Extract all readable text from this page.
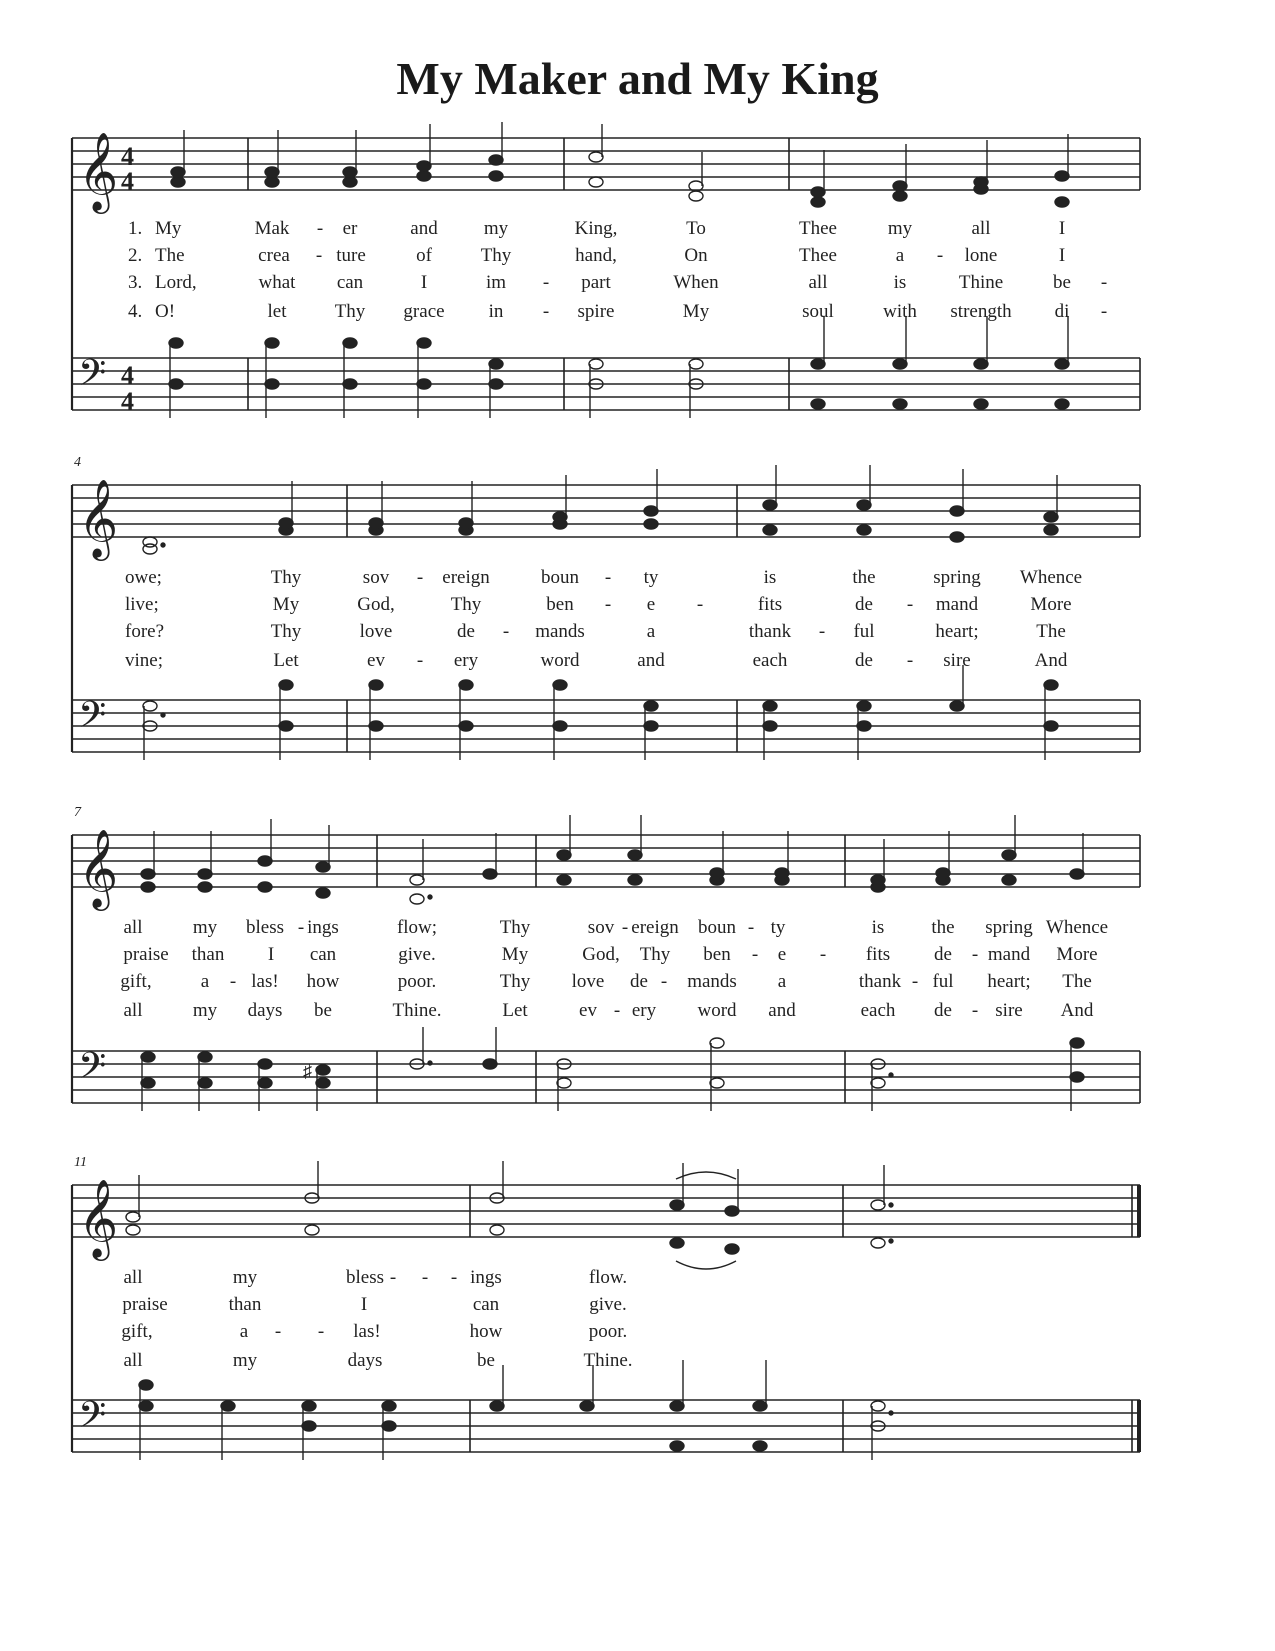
My Maker and My King
𝄞 4
4
𝄢 4
4
1.
2.
3.
4.
My	Mak - er	and my	King,	To	Thee	my	all	I
The	crea - ture	of	Thy	hand,	On	Thee	a - lone	I
Lord,	what can	I	im - part	When	all	is	Thine	be -
O!	let	Thy grace in - spire	My	soul	with strength di -
4
𝄞
𝄢
owe;	Thy	sov - ereign	boun - ty	is	the	spring Whence
live;	My	God,	Thy	ben - e -	fits	de - mand	More
fore?	Thy	love	de - mands	a	thank - ful	heart;	The
vine;	Let	ev - ery	word	and	each	de - sire	And
7
𝄞
𝄢	♯
all	my bless - ings	flow;	Thy	sov - ereign boun - ty	is the spring Whence
praise than I can	give.	My	God, Thy ben - e - fits de - mand More
gift,	a - las! how	poor.	Thy love de - mands a	thank - ful heart; The
all	my days be	Thine.	Let	ev - ery word and	each de - sire And
11
𝄞
𝄢
all	my	bless - - - ings	flow.
praise	than	I	can	give.
gift,	a - - las!	how	poor.
all	my	days	be	Thine.
